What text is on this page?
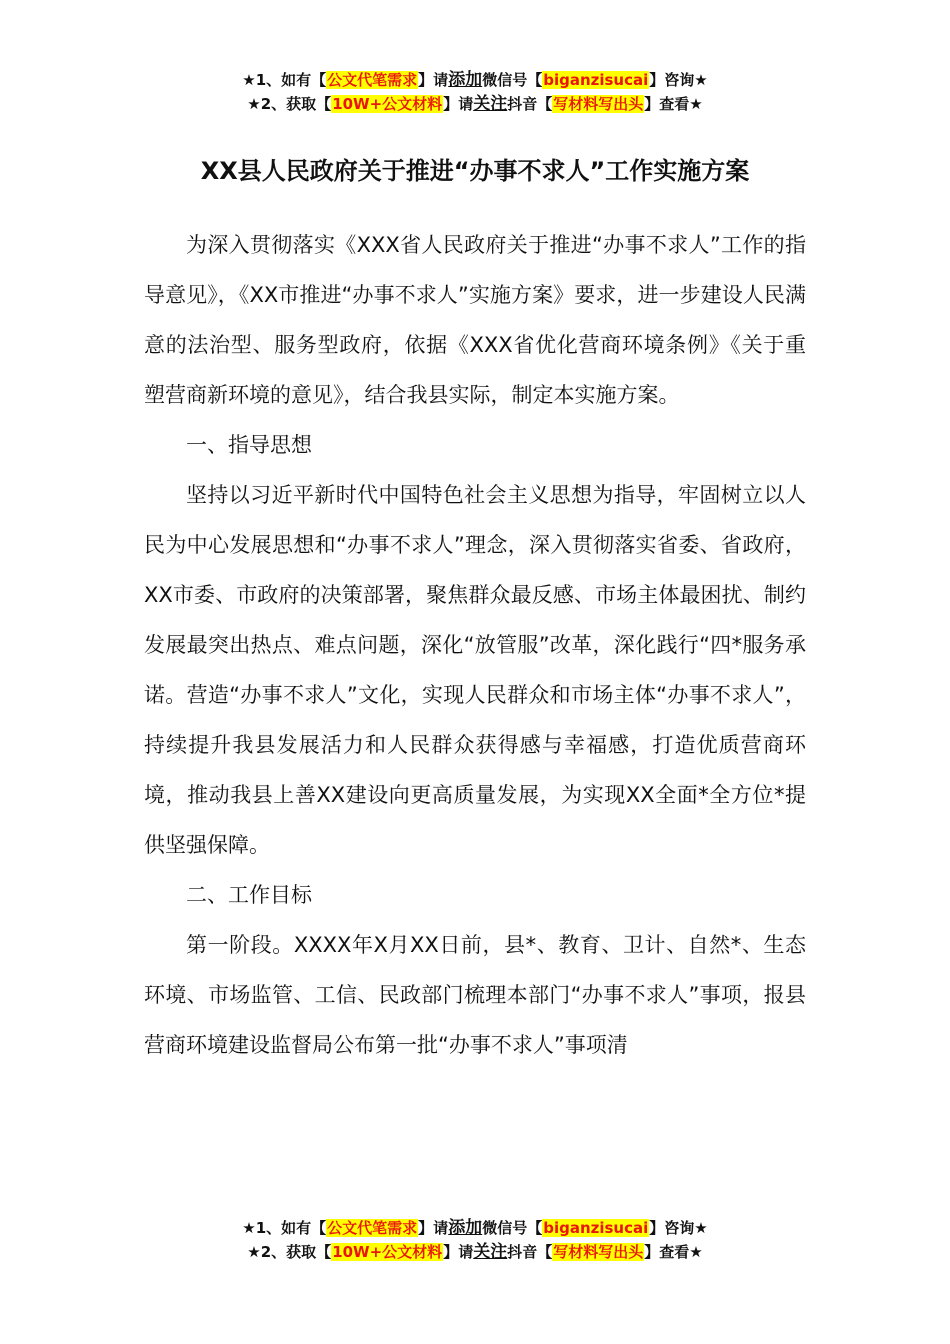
★1、如有【公文代笔需求】请添加微信号【biganzisucai】咨询★
★2、获取【10W+公文材料】请关注抖音【写材料写出头】查看★
XX县人民政府关于推进“办事不求人”工作实施方案

为深入贯彻落实《XXX省人民政府关于推进“办事不求人”工作的指导意见》，《XX市推进“办事不求人”实施方案》要求，进一步建设人民满意的法治型、服务型政府，依据《XXX省优化营商环境条例》《关于重塑营商新环境的意见》，结合我县实际，制定本实施方案。

一、指导思想

坚持以习近平新时代中国特色社会主义思想为指导，牢固树立以人民为中心发展思想和“办事不求人”理念，深入贯彻落实省委、省政府，XX市委、市政府的决策部署，聚焦群众最反感、市场主体最困扰、制约发展最突出热点、难点问题，深化“放管服”改革，深化践行“四*服务承诺。营造“办事不求人”文化，实现人民群众和市场主体“办事不求人”，持续提升我县发展活力和人民群众获得感与幸福感，打造优质营商环境，推动我县上善XX建设向更高质量发展，为实现XX全面*全方位*提供坚强保障。

二、工作目标

第一阶段。XXXX年X月XX日前，县*、教育、卫计、自然*、生态环境、市场监管、工信、民政部门梳理本部门“办事不求人”事项，报县营商环境建设监督局公布第一批“办事不求人”事项清

★1、如有【公文代笔需求】请添加微信号【biganzisucai】咨询★
★2、获取【10W+公文材料】请关注抖音【写材料写出头】查看★
